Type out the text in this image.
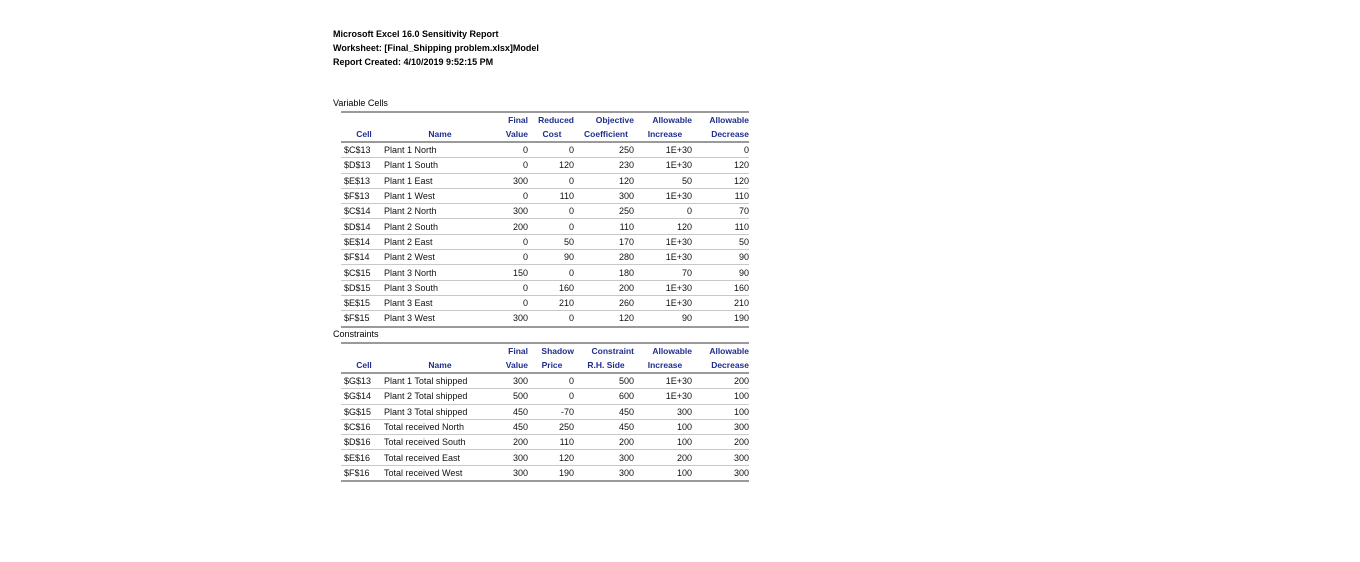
Microsoft Excel 16.0 Sensitivity Report
Worksheet: [Final_Shipping problem.xlsx]Model
Report Created: 4/10/2019 9:52:15 PM
Variable Cells
		Final	Reduced	Objective	Allowable	Allowable
Cell	Name	Value	Cost	Coefficient	Increase	Decrease
$C$13	Plant 1 North	0	0	250	1E+30	0
$D$13	Plant 1 South	0	120	230	1E+30	120
$E$13	Plant 1 East	300	0	120	50	120
$F$13	Plant 1 West	0	110	300	1E+30	110
$C$14	Plant 2 North	300	0	250	0	70
$D$14	Plant 2 South	200	0	110	120	110
$E$14	Plant 2 East	0	50	170	1E+30	50
$F$14	Plant 2 West	0	90	280	1E+30	90
$C$15	Plant 3 North	150	0	180	70	90
$D$15	Plant 3 South	0	160	200	1E+30	160
$E$15	Plant 3 East	0	210	260	1E+30	210
$F$15	Plant 3 West	300	0	120	90	190
Constraints
		Final	Shadow	Constraint	Allowable	Allowable
Cell	Name	Value	Price	R.H. Side	Increase	Decrease
$G$13	Plant 1 Total shipped	300	0	500	1E+30	200
$G$14	Plant 2 Total shipped	500	0	600	1E+30	100
$G$15	Plant 3 Total shipped	450	-70	450	300	100
$C$16	Total received North	450	250	450	100	300
$D$16	Total received South	200	110	200	100	200
$E$16	Total received East	300	120	300	200	300
$F$16	Total received West	300	190	300	100	300
